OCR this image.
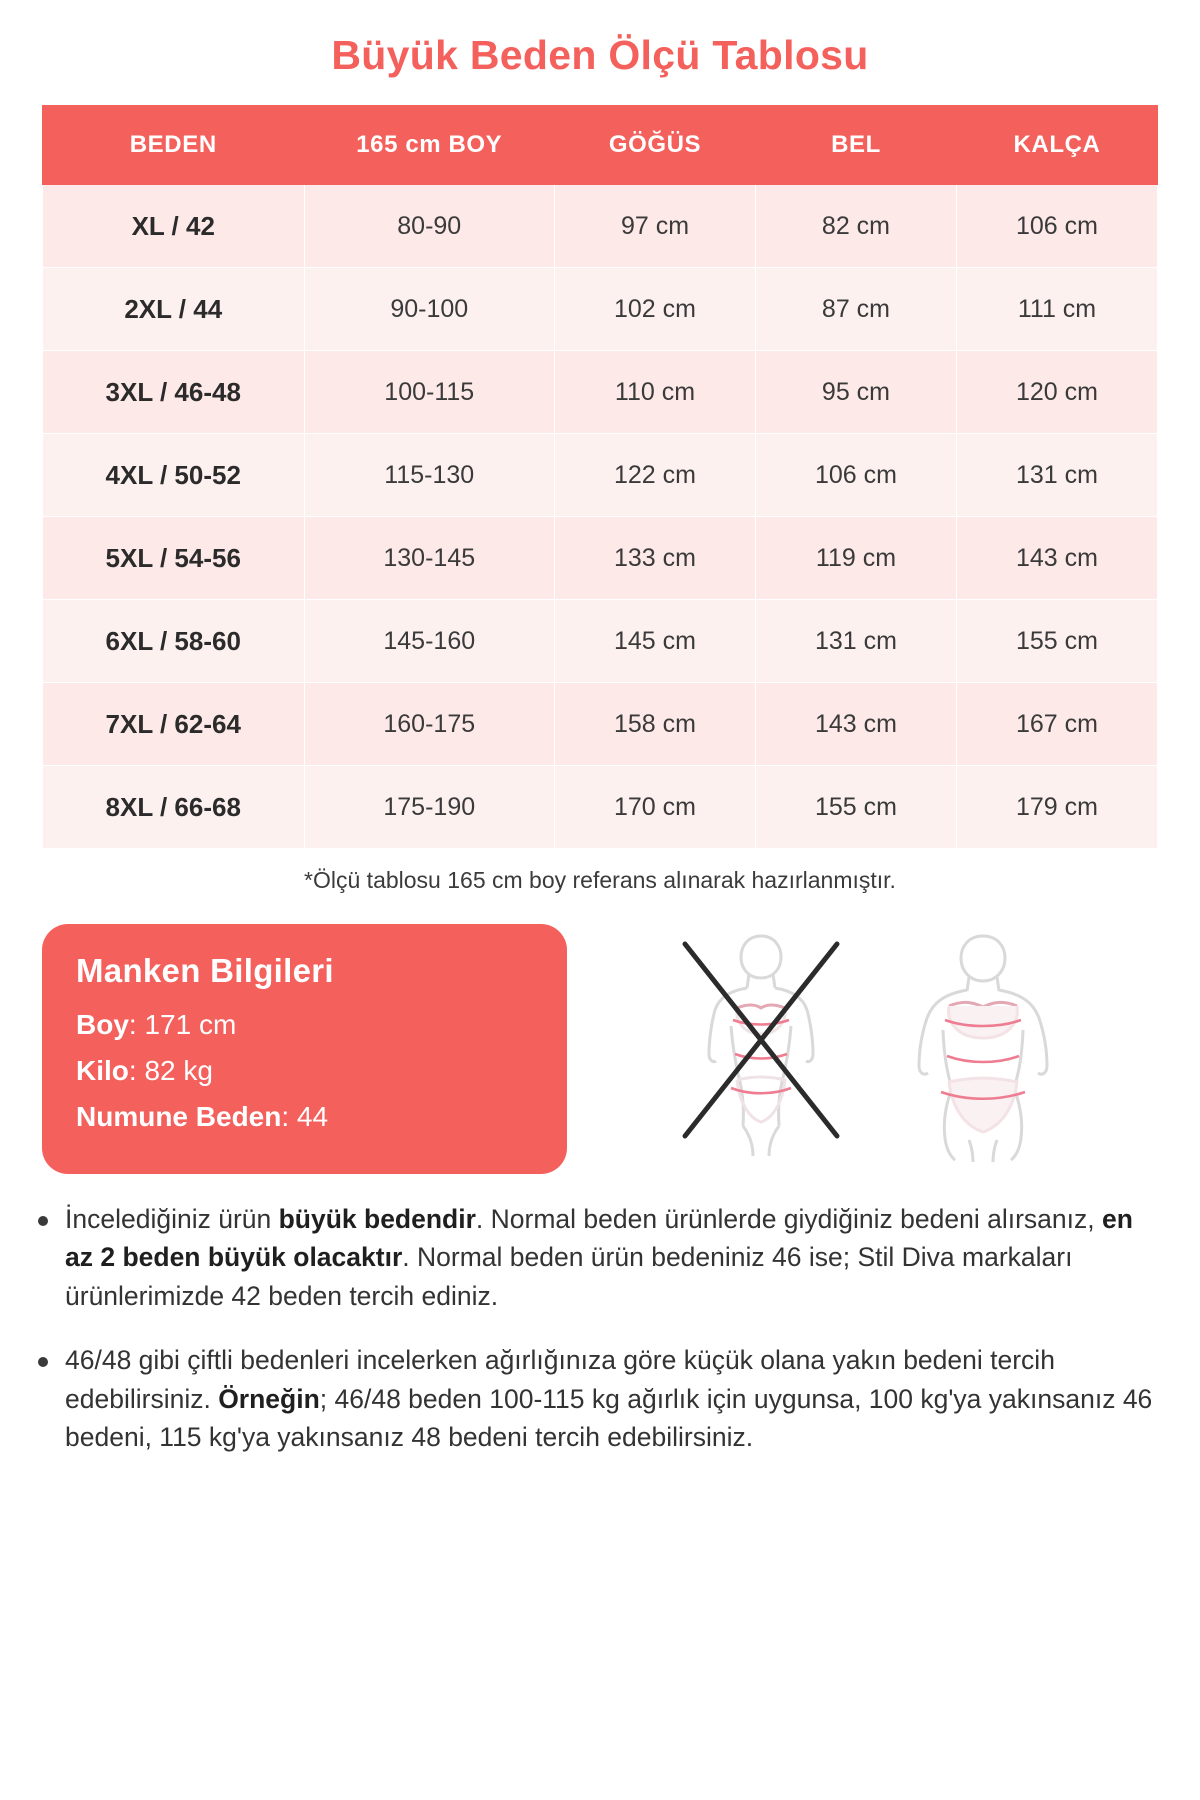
Büyük Beden Ölçü Tablosu
BEDEN	165 cm BOY	GÖĞÜS	BEL	KALÇA
XL / 42	80-90	97 cm	82 cm	106 cm
2XL / 44	90-100	102 cm	87 cm	111 cm
3XL / 46-48	100-115	110 cm	95 cm	120 cm
4XL / 50-52	115-130	122 cm	106 cm	131 cm
5XL / 54-56	130-145	133 cm	119 cm	143 cm
6XL / 58-60	145-160	145 cm	131 cm	155 cm
7XL / 62-64	160-175	158 cm	143 cm	167 cm
8XL / 66-68	175-190	170 cm	155 cm	179 cm

*Ölçü tablosu 165 cm boy referans alınarak hazırlanmıştır.

Manken Bilgileri
Boy: 171 cm
Kilo: 82 kg
Numune Beden: 44
İncelediğiniz ürün büyük bedendir. Normal beden ürünlerde giydiğiniz bedeni alırsanız, en az 2 beden büyük olacaktır. Normal beden ürün bedeniniz 46 ise; Stil Diva markaları ürünlerimizde 42 beden tercih ediniz.
46/48 gibi çiftli bedenleri incelerken ağırlığınıza göre küçük olana yakın bedeni tercih edebilirsiniz. Örneğin; 46/48 beden 100-115 kg ağırlık için uygunsa, 100 kg'ya yakınsanız 46 bedeni, 115 kg'ya yakınsanız 48 bedeni tercih edebilirsiniz.
